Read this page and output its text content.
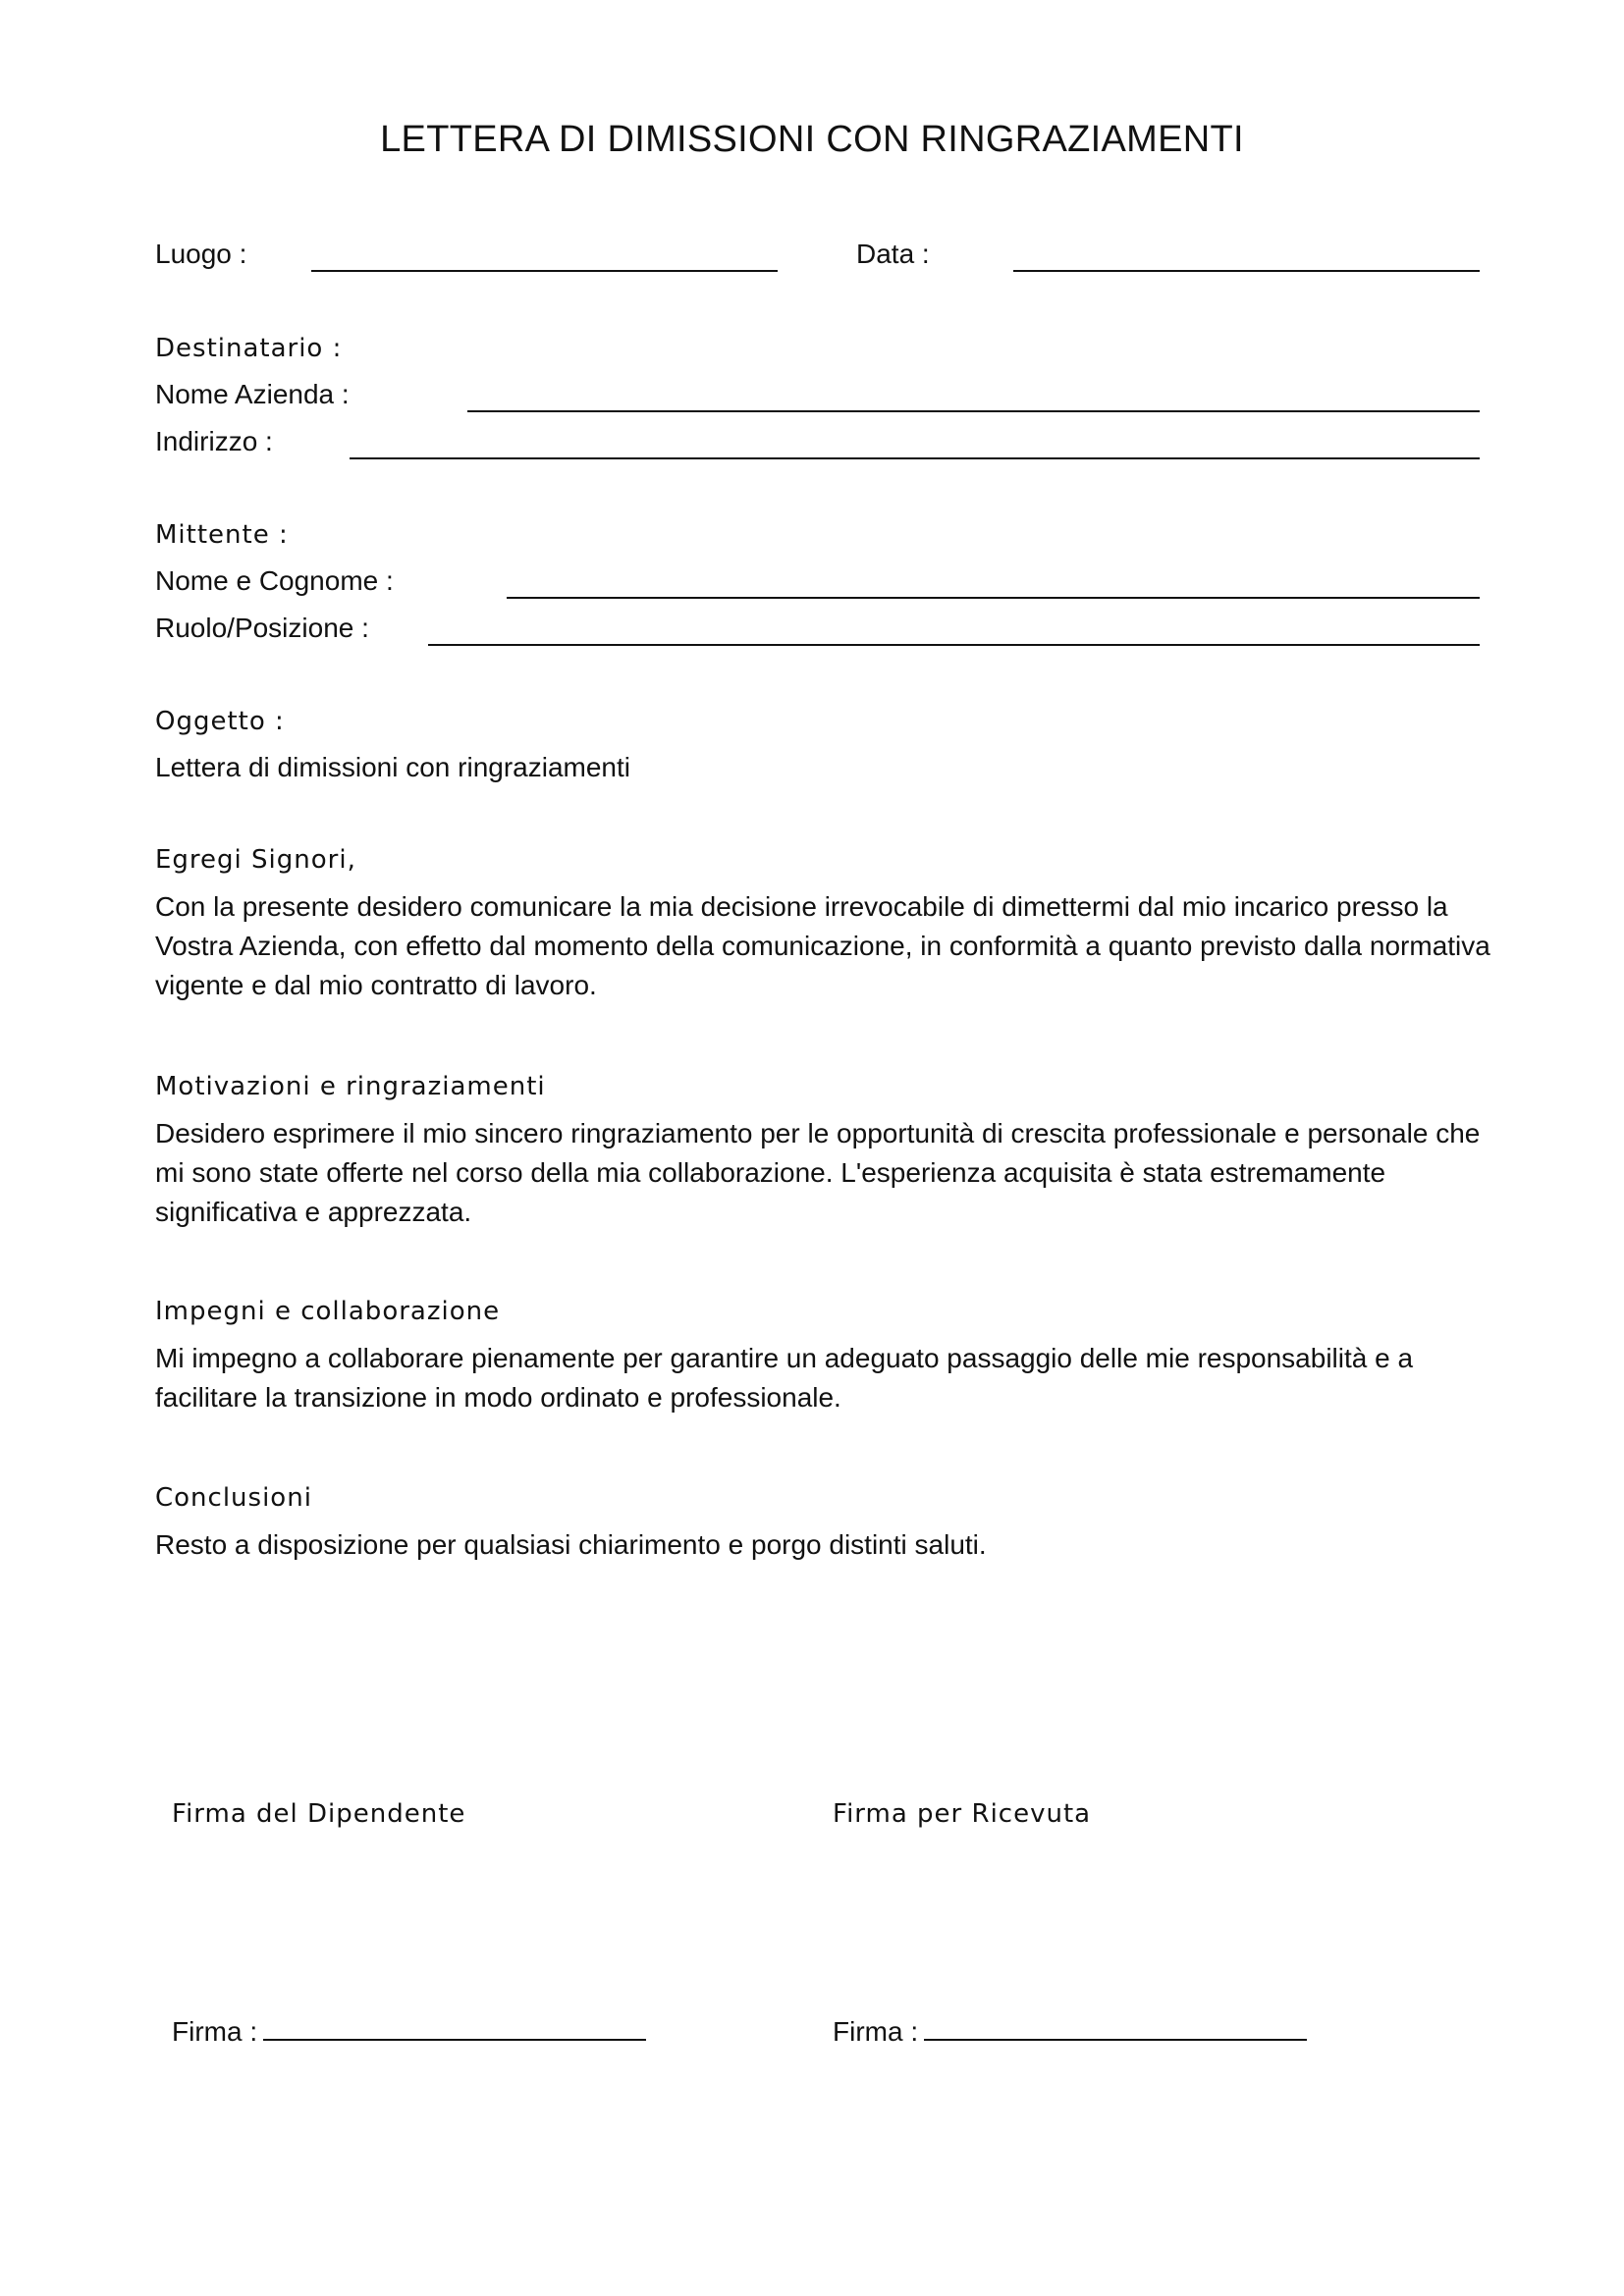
LETTERA DI DIMISSIONI CON RINGRAZIAMENTI
Luogo :	Data :
Destinatario :
Nome Azienda :
Indirizzo :
Mittente :
Nome e Cognome :
Ruolo/Posizione :
Oggetto :
Lettera di dimissioni con ringraziamenti
Egregi Signori,
Con la presente desidero comunicare la mia decisione irrevocabile di dimettermi dal mio incarico presso la Vostra Azienda, con effetto dal momento della comunicazione, in conformità a quanto previsto dalla normativa vigente e dal mio contratto di lavoro.
Motivazioni e ringraziamenti
Desidero esprimere il mio sincero ringraziamento per le opportunità di crescita professionale e personale che mi sono state offerte nel corso della mia collaborazione. L'esperienza acquisita è stata estremamente significativa e apprezzata.
Impegni e collaborazione
Mi impegno a collaborare pienamente per garantire un adeguato passaggio delle mie responsabilità e a facilitare la transizione in modo ordinato e professionale.
Conclusioni
Resto a disposizione per qualsiasi chiarimento e porgo distinti saluti.
Firma del Dipendente	Firma per Ricevuta
Firma :	Firma :
